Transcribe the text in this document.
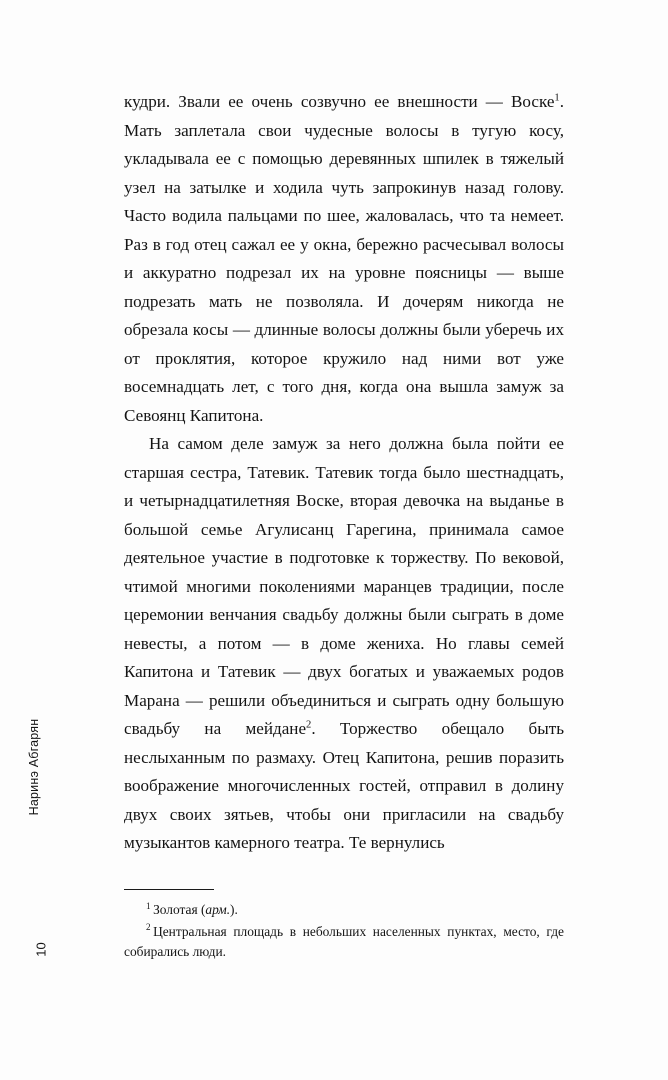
Наринэ Абгарян
10

кудри. Звали ее очень созвучно ее внешности — Воске$^1$. Мать заплетала свои чудесные волосы в тугую косу, укладывала ее с помощью деревянных шпилек в тяжелый узел на затылке и ходила чуть запрокинув назад голову. Часто водила пальцами по шее, жаловалась, что та немеет. Раз в год отец сажал ее у окна, бережно расчесывал волосы и аккуратно подрезал их на уровне поясницы — выше подрезать мать не позволяла. И дочерям никогда не обрезала косы — длинные волосы должны были уберечь их от проклятия, которое кружило над ними вот уже восемнадцать лет, с того дня, когда она вышла замуж за Севоянц Капитона.

На самом деле замуж за него должна была пойти ее старшая сестра, Татевик. Татевик тогда было шестнадцать, и четырнадцатилетняя Воске, вторая девочка на выданье в большой семье Агулисанц Гарегина, принимала самое деятельное участие в подготовке к торжеству. По вековой, чтимой многими поколениями маранцев традиции, после церемонии венчания свадьбу должны были сыграть в доме невесты, а потом — в доме жениха. Но главы семей Капитона и Татевик — двух богатых и уважаемых родов Марана — решили объединиться и сыграть одну большую свадьбу на мейдане$^2$. Торжество обещало быть неслыханным по размаху. Отец Капитона, решив поразить воображение многочисленных гостей, отправил в долину двух своих зятьев, чтобы они пригласили на свадьбу музыкантов камерного театра. Те вернулись

$^1$ Золотая (арм.).

$^2$ Центральная площадь в небольших населенных пунктах, место, где собирались люди.
